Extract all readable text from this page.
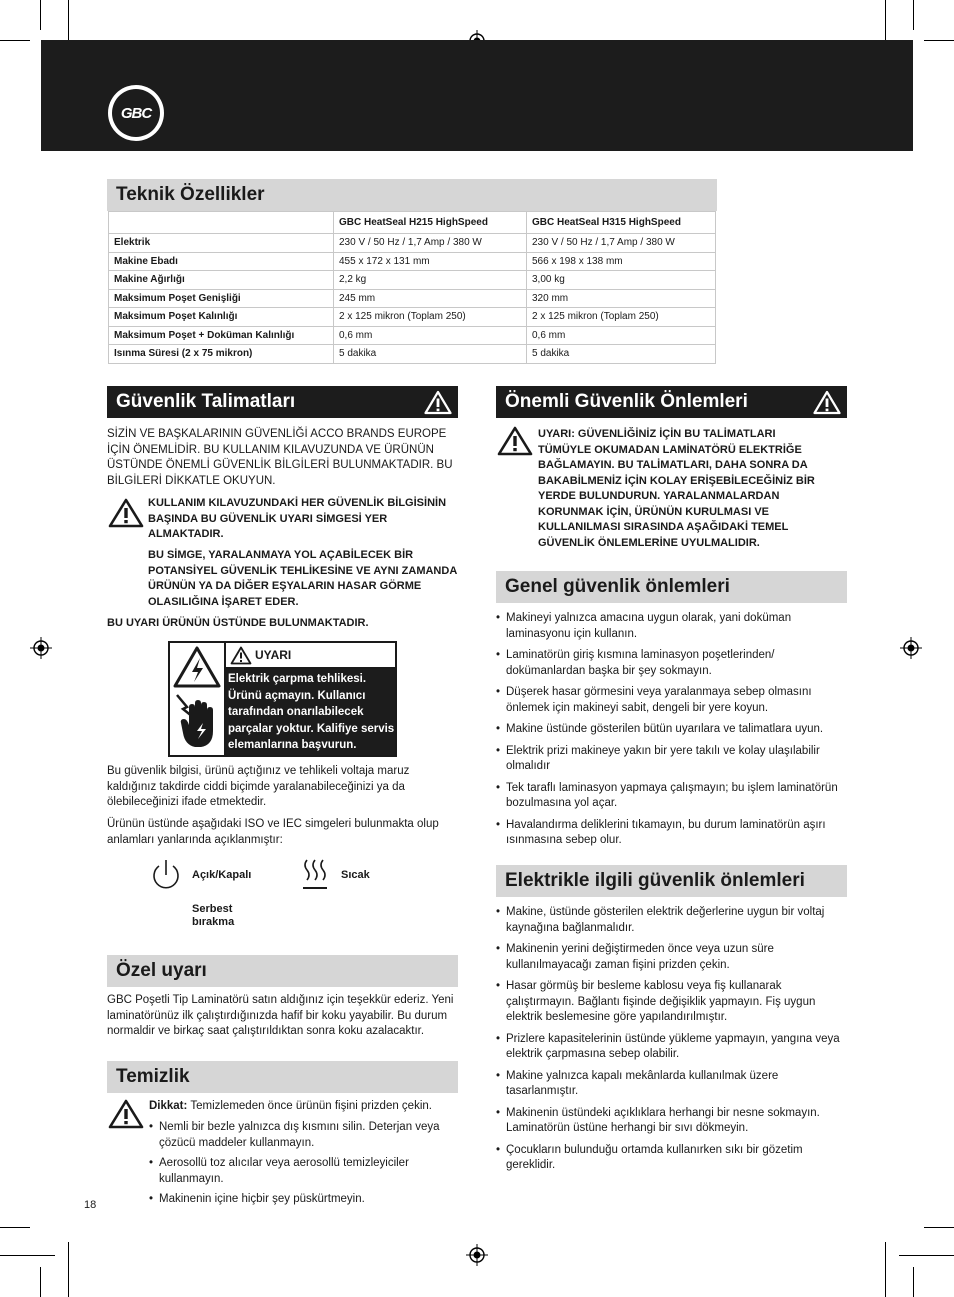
GBC
Teknik Özellikler
	GBC HeatSeal H215 HighSpeed	GBC HeatSeal H315 HighSpeed
Elektrik	230 V / 50 Hz / 1,7 Amp / 380 W	230 V / 50 Hz / 1,7 Amp / 380 W
Makine Ebadı	455 x 172 x 131 mm	566 x 198 x 138 mm
Makine Ağırlığı	2,2 kg	3,00 kg
Maksimum Poşet Genişliği	245 mm	320 mm
Maksimum Poşet Kalınlığı	2 x 125 mikron (Toplam 250)	2 x 125 mikron (Toplam 250)
Maksimum Poşet + Doküman Kalınlığı	0,6 mm	0,6 mm
Isınma Süresi (2 x 75 mikron)	5 dakika	5 dakika
Güvenlik Talimatları
SİZİN VE BAŞKALARININ GÜVENLİĞİ ACCO BRANDS EUROPE İÇİN ÖNEMLİDİR. BU KULLANIM KILAVUZUNDA VE ÜRÜNÜN ÜSTÜNDE ÖNEMLİ GÜVENLİK BİLGİLERİ BULUNMAKTADIR. BU BİLGİLERİ DİKKATLE OKUYUN.
KULLANIM KILAVUZUNDAKİ HER GÜVENLİK BİLGİSİNİN BAŞINDA BU GÜVENLİK UYARI SİMGESİ YER ALMAKTADIR.
BU SİMGE, YARALANMAYA YOL AÇABİLECEK BİR POTANSİYEL GÜVENLİK TEHLİKESİNE VE AYNI ZAMANDA ÜRÜNÜN YA DA DİĞER EŞYALARIN HASAR GÖRME OLASILIĞINA İŞARET EDER.
BU UYARI ÜRÜNÜN ÜSTÜNDE BULUNMAKTADIR.
UYARI
Elektrik çarpma tehlikesi. Ürünü açmayın. Kullanıcı tarafından onarılabilecek parçalar yoktur. Kalifiye servis elemanlarına başvurun.
Bu güvenlik bilgisi, ürünü açtığınız ve tehlikeli voltaja maruz kaldığınız takdirde ciddi biçimde yaralanabileceğinizi ya da ölebileceğinizi ifade etmektedir.
Ürünün üstünde aşağıdaki ISO ve IEC simgeleri bulunmakta olup anlamları yanlarında açıklanmıştır:
Açık/Kapalı	Sıcak
Serbest
bırakma
Özel uyarı
GBC Poşetli Tip Laminatörü satın aldığınız için teşekkür ederiz. Yeni laminatörünüz ilk çalıştırdığınızda hafif bir koku yayabilir. Bu durum normaldir ve birkaç saat çalıştırıldıktan sonra koku azalacaktır.
Temizlik
Dikkat: Temizlemeden önce ürünün fişini prizden çekin.
• Nemli bir bezle yalnızca dış kısmını silin. Deterjan veya çözücü maddeler kullanmayın.
• Aerosollü toz alıcılar veya aerosollü temizleyiciler kullanmayın.
• Makinenin içine hiçbir şey püskürtmeyin.
18
Önemli Güvenlik Önlemleri
UYARI: GÜVENLİĞİNİZ İÇİN BU TALİMATLARI TÜMÜYLE OKUMADAN LAMİNATÖRÜ ELEKTRİĞE BAĞLAMAYIN. BU TALİMATLARI, DAHA SONRA DA BAKABİLMENİZ İÇİN KOLAY ERİŞEBİLECEĞİNİZ BİR YERDE BULUNDURUN. YARALANMALARDAN KORUNMAK İÇİN, ÜRÜNÜN KURULMASI VE KULLANILMASI SIRASINDA AŞAĞIDAKİ TEMEL GÜVENLİK ÖNLEMLERİNE UYULMALIDIR.
Genel güvenlik önlemleri
• Makineyi yalnızca amacına uygun olarak, yani doküman laminasyonu için kullanın.
• Laminatörün giriş kısmına laminasyon poşetlerinden/ dokümanlardan başka bir şey sokmayın.
• Düşerek hasar görmesini veya yaralanmaya sebep olmasını önlemek için makineyi sabit, dengeli bir yere koyun.
• Makine üstünde gösterilen bütün uyarılara ve talimatlara uyun.
• Elektrik prizi makineye yakın bir yere takılı ve kolay ulaşılabilir olmalıdır
• Tek taraflı laminasyon yapmaya çalışmayın; bu işlem laminatörün bozulmasına yol açar.
• Havalandırma deliklerini tıkamayın, bu durum laminatörün aşırı ısınmasına sebep olur.
Elektrikle ilgili güvenlik önlemleri
• Makine, üstünde gösterilen elektrik değerlerine uygun bir voltaj kaynağına bağlanmalıdır.
• Makinenin yerini değiştirmeden önce veya uzun süre kullanılmayacağı zaman fişini prizden çekin.
• Hasar görmüş bir besleme kablosu veya fiş kullanarak çalıştırmayın. Bağlantı fişinde değişiklik yapmayın. Fiş uygun elektrik beslemesine göre yapılandırılmıştır.
• Prizlere kapasitelerinin üstünde yükleme yapmayın, yangına veya elektrik çarpmasına sebep olabilir.
• Makine yalnızca kapalı mekânlarda kullanılmak üzere tasarlanmıştır.
• Makinenin üstündeki açıklıklara herhangi bir nesne sokmayın. Laminatörün üstüne herhangi bir sıvı dökmeyin.
• Çocukların bulunduğu ortamda kullanırken sıkı bir gözetim gereklidir.
